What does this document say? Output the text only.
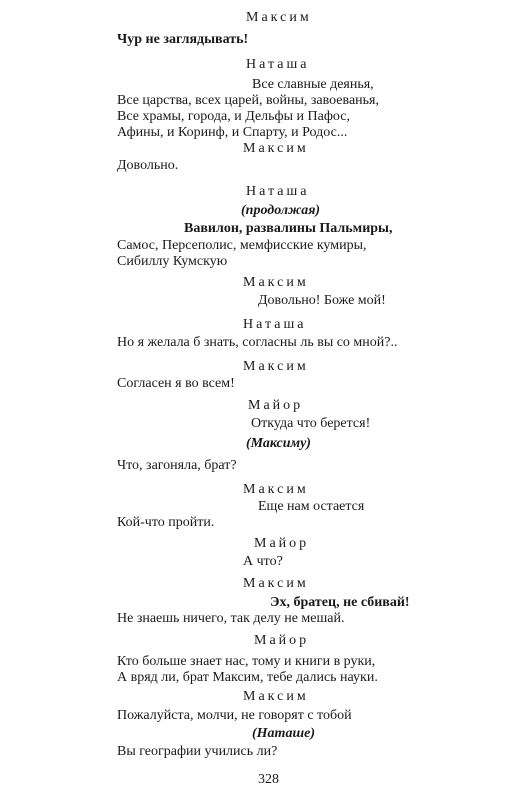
Максим
Чур не заглядывать!
Наташа
Все славные деянья,
Все царства, всех царей, войны, завоеванья,
Все храмы, города, и Дельфы и Пафос,
Афины, и Коринф, и Спарту, и Родос...
Максим
Довольно.
Наташа
(продолжая)
Вавилон, развалины Пальмиры,
Самос, Персеполис, мемфисские кумиры,
Сибиллу Кумскую
Максим
Довольно! Боже мой!
Наташа
Но я желала б знать, согласны ль вы со мной?..
Максим
Согласен я во всем!
Майор
Откуда что берется!
(Максиму)
Что, загоняла, брат?
Максим
Еще нам остается
Кой-что пройти.
Майор
А что?
Максим
Эх, братец, не сбивай!
Не знаешь ничего, так делу не мешай.
Майор
Кто больше знает нас, тому и книги в руки,
А вряд ли, брат Максим, тебе дались науки.
Максим
Пожалуйста, молчи, не говорят с тобой
(Наташе)
Вы географии учились ли?
328
